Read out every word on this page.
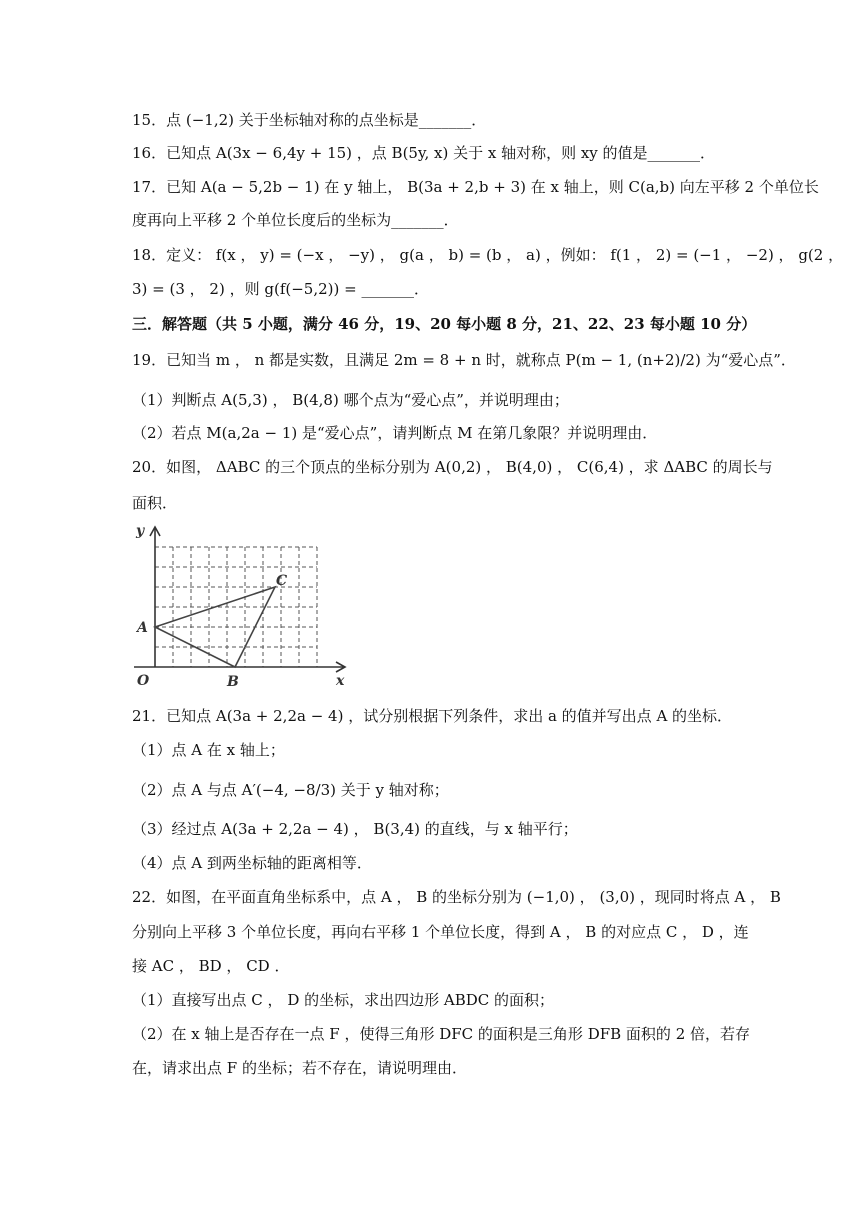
15．点 (−1,2) 关于坐标轴对称的点坐标是_______．
16．已知点 A(3x − 6,4y + 15) ，点 B(5y, x) 关于 x 轴对称，则 xy 的值是_______．
17．已知 A(a − 5,2b − 1) 在 y 轴上， B(3a + 2,b + 3) 在 x 轴上，则 C(a,b) 向左平移 2 个单位长
度再向上平移 2 个单位长度后的坐标为_______．
18．定义： f(x ， y) = (−x ， −y) ， g(a ， b) = (b ， a) ，例如： f(1 ， 2) = (−1 ， −2) ， g(2 ，
3) = (3 ， 2) ，则 g(f(−5,2)) = _______．
三．解答题（共 5 小题，满分 46 分，19、20 每小题 8 分，21、22、23 每小题 10 分）
19．已知当 m ， n 都是实数，且满足 2m = 8 + n 时，就称点 P(m − 1, (n+2)/2) 为“爱心点”．
（1）判断点 A(5,3) ， B(4,8) 哪个点为“爱心点”，并说明理由；
（2）若点 M(a,2a − 1) 是“爱心点”，请判断点 M 在第几象限？并说明理由．
20．如图， ΔABC 的三个顶点的坐标分别为 A(0,2) ， B(4,0) ， C(6,4) ，求 ΔABC 的周长与
面积．
y
x
O
A
B
C
21．已知点 A(3a + 2,2a − 4) ，试分别根据下列条件，求出 a 的值并写出点 A 的坐标．
（1）点 A 在 x 轴上；
（2）点 A 与点 A′(−4, −8/3) 关于 y 轴对称；
（3）经过点 A(3a + 2,2a − 4) ， B(3,4) 的直线，与 x 轴平行；
（4）点 A 到两坐标轴的距离相等．
22．如图，在平面直角坐标系中，点 A ， B 的坐标分别为 (−1,0) ， (3,0) ，现同时将点 A ， B
分别向上平移 3 个单位长度，再向右平移 1 个单位长度，得到 A ， B 的对应点 C ， D ，连
接 AC ， BD ， CD ．
（1）直接写出点 C ， D 的坐标，求出四边形 ABDC 的面积；
（2）在 x 轴上是否存在一点 F ，使得三角形 DFC 的面积是三角形 DFB 面积的 2 倍，若存
在，请求出点 F 的坐标；若不存在，请说明理由．
